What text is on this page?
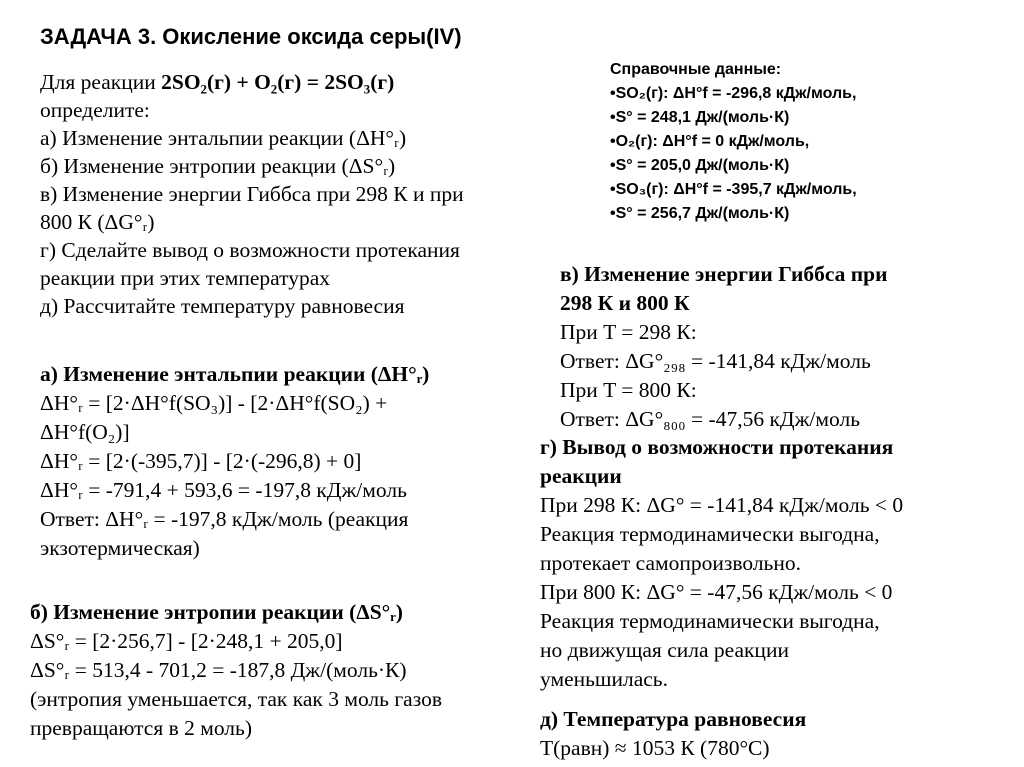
ЗАДАЧА 3. Окисление оксида серы(IV)
Справочные данные:
•SO₂(г): ΔH°f = -296,8 кДж/моль,
•S° = 248,1 Дж/(моль·К)
•O₂(г): ΔH°f = 0 кДж/моль,
•S° = 205,0 Дж/(моль·К)
•SO₃(г): ΔH°f = -395,7 кДж/моль,
•S° = 256,7 Дж/(моль·К)
Для реакции 2SO₂(г) + O₂(г) = 2SO₃(г)
определите:
а) Изменение энтальпии реакции (ΔH°ᵣ)
б) Изменение энтропии реакции (ΔS°ᵣ)
в) Изменение энергии Гиббса при 298 К и при
800 К (ΔG°ᵣ)
г) Сделайте вывод о возможности протекания
реакции при этих температурах
д) Рассчитайте температуру равновесия
а) Изменение энтальпии реакции (ΔH°ᵣ)
ΔH°ᵣ = [2·ΔH°f(SO₃)] - [2·ΔH°f(SO₂) +
ΔH°f(O₂)]
ΔH°ᵣ = [2·(-395,7)] - [2·(-296,8) + 0]
ΔH°ᵣ = -791,4 + 593,6 = -197,8 кДж/моль
Ответ: ΔH°ᵣ = -197,8 кДж/моль (реакция
экзотермическая)
б) Изменение энтропии реакции (ΔS°ᵣ)
ΔS°ᵣ = [2·256,7] - [2·248,1 + 205,0]
ΔS°ᵣ = 513,4 - 701,2 = -187,8 Дж/(моль·К)
(энтропия уменьшается, так как 3 моль газов
превращаются в 2 моль)
в) Изменение энергии Гиббса при
298 К и 800 К
При T = 298 К:
Ответ: ΔG°₂₉₈ = -141,84 кДж/моль
При T = 800 К:
Ответ: ΔG°₈₀₀ = -47,56 кДж/моль
г) Вывод о возможности протекания
реакции
При 298 К: ΔG° = -141,84 кДж/моль < 0
Реакция термодинамически выгодна,
протекает самопроизвольно.
При 800 К: ΔG° = -47,56 кДж/моль < 0
Реакция термодинамически выгодна,
но движущая сила реакции
уменьшилась.
д) Температура равновесия
T(равн) ≈ 1053 К (780°C)
